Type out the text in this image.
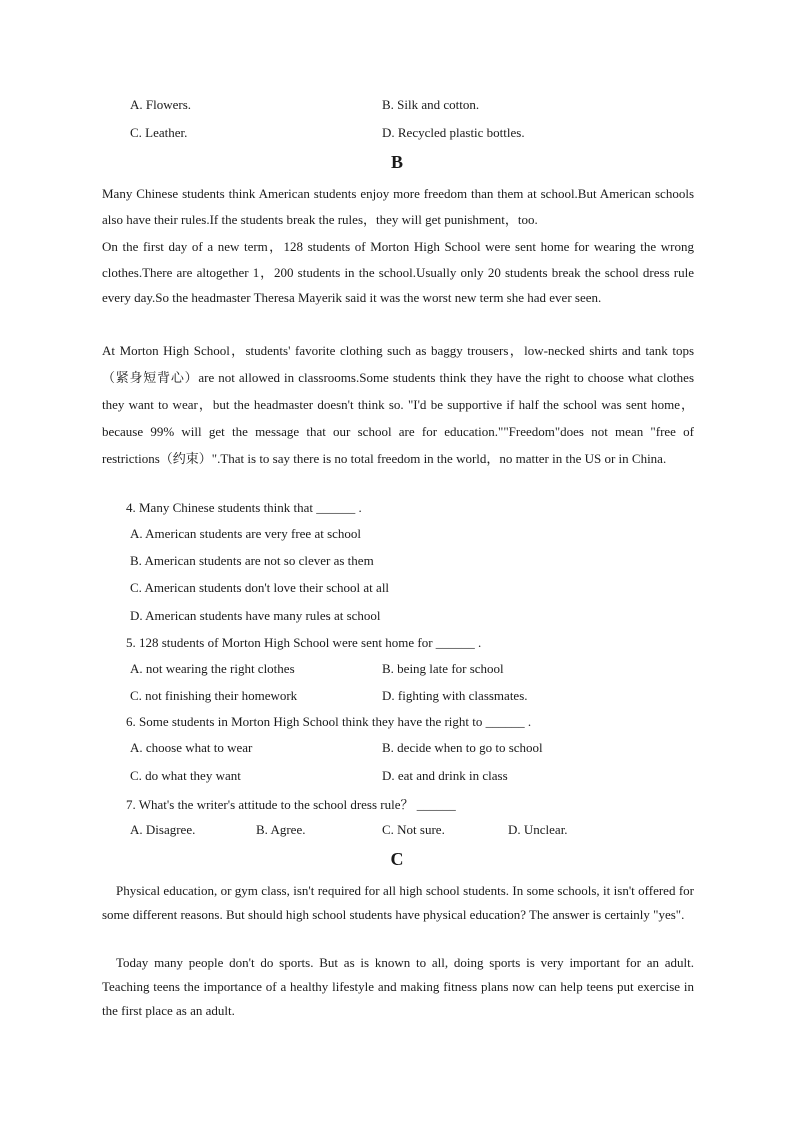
A. Flowers.	B. Silk and cotton.
C. Leather.	D. Recycled plastic bottles.
B
Many Chinese students think American students enjoy more freedom than them at school.But American schools also have their rules.If the students break the rules，they will get punishment，too.
On the first day of a new term，128 students of Morton High School were sent home for wearing the wrong clothes.There are altogether 1，200 students in the school.Usually only 20 students break the school dress rule every day.So the headmaster Theresa Mayerik said it was the worst new term she had ever seen.
At Morton High School，students' favorite clothing such as baggy trousers，low-necked shirts and tank tops（紧身短背心）are not allowed in classrooms.Some students think they have the right to choose what clothes they want to wear，but the headmaster doesn't think so. "I'd be supportive if half the school was sent home，because 99% will get the message that our school are for education.""Freedom"does not mean "free of restrictions（约束）".That is to say there is no total freedom in the world，no matter in the US or in China.
4. Many Chinese students think that ______ .
A. American students are very free at school
B. American students are not so clever as them
C. American students don't love their school at all
D. American students have many rules at school
5. 128 students of Morton High School were sent home for ______ .
A. not wearing the right clothes	B. being late for school
C. not finishing their homework	D. fighting with classmates.
6. Some students in Morton High School think they have the right to ______ .
A. choose what to wear	B. decide when to go to school
C. do what they want	D. eat and drink in class
7. What's the writer's attitude to the school dress rule？ ______
A. Disagree.	B. Agree.	C. Not sure.	D. Unclear.
C
Physical education, or gym class, isn't required for all high school students. In some schools, it isn't offered for some different reasons. But should high school students have physical education? The answer is certainly "yes".
Today many people don't do sports. But as is known to all, doing sports is very important for an adult. Teaching teens the importance of a healthy lifestyle and making fitness plans now can help teens put exercise in the first place as an adult.
